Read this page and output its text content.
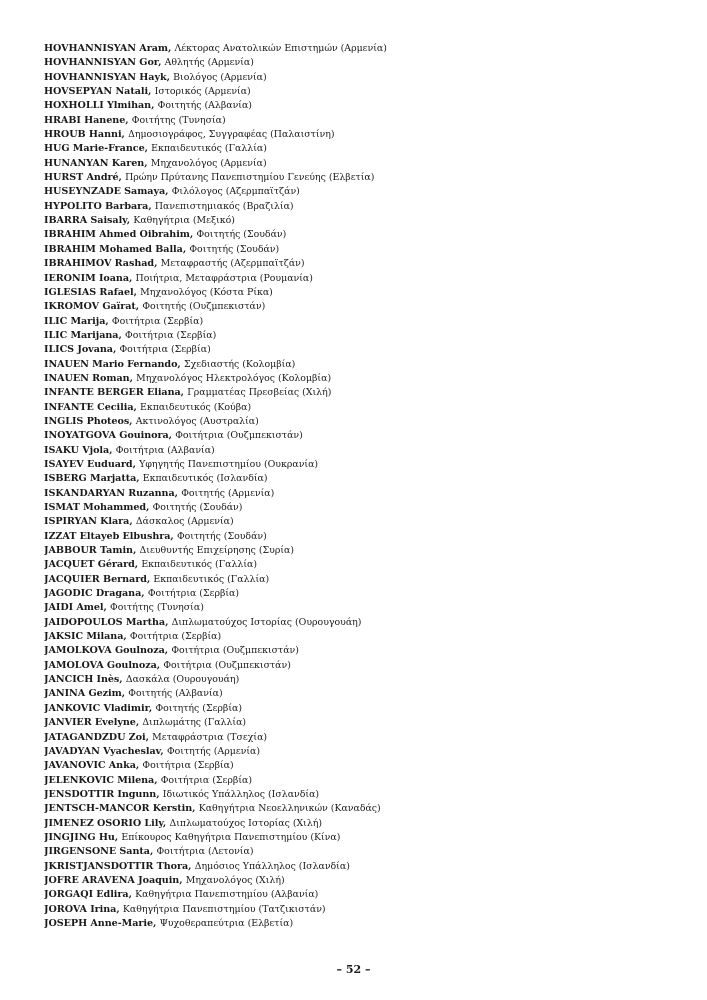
HOVHANNISYAN Aram, Λέκτορας Ανατολικών Επιστημών (Αρμενία)
HOVHANNISYAN Gor, Αθλητής (Αρμενία)
HOVHANNISYAN Hayk, Βιολόγος (Αρμενία)
HOVSEPYAN Natali, Ιστορικός (Αρμενία)
HOXHOLLI Ylmihan, Φοιτητής (Αλβανία)
HRABI Hanene, Φοιτήτης (Τυνησία)
HROUB Hanni, Δημοσιογράφος, Συγγραφέας (Παλαιστίνη)
HUG Marie-France, Εκπαιδευτικός (Γαλλία)
HUNANYAN Karen, Μηχανολόγος (Αρμενία)
HURST André, Πρώην Πρύτανης Πανεπιστημίου Γενεύης (Ελβετία)
HUSEYNZADE Samaya, Φιλόλογος (Αζερμπαϊτζάν)
HYPOLITO Barbara, Πανεπιστημιακός (Βραζιλία)
IBARRA Saisaly, Καθηγήτρια (Μεξικό)
IBRAHIM Ahmed Oibrahim, Φοιτητής (Σουδάν)
IBRAHIM Mohamed Balla, Φοιτητής (Σουδάν)
IBRAHIMOV Rashad, Μεταφραστής (Αζερμπαϊτζάν)
IERONIM Ioana, Ποιήτρια, Μεταφράστρια (Ρουμανία)
IGLESIAS Rafael, Μηχανολόγος (Κόστα Ρίκα)
IKROMOV Gaïrat, Φοιτητής (Ουζμπεκιστάν)
ILIC Marija, Φοιτήτρια (Σερβία)
ILIC Marijana, Φοιτήτρια (Σερβία)
ILICS Jovana, Φοιτήτρια (Σερβία)
INAUEN Mario Fernando, Σχεδιαστής (Κολομβία)
INAUEN Roman, Μηχανολόγος Ηλεκτρολόγος (Κολομβία)
INFANTE BERGER Eliana, Γραμματέας Πρεσβείας (Χιλή)
INFANTE Cecilia, Εκπαιδευτικός (Κούβα)
INGLIS Photeos, Ακτινολόγος (Αυστραλία)
INOYATGOVA Gouinora, Φοιτήτρια (Ουζμπεκιστάν)
ISAKU Vjola, Φοιτήτρια (Αλβανία)
ISAYEV Euduard, Υφηγητής Πανεπιστημίου (Ουκρανία)
ISBERG Marjatta, Εκπαιδευτικός (Ισλανδία)
ISKANDARYAN Ruzanna, Φοιτητής (Αρμενία)
ISMAT Mohammed, Φοιτητής (Σουδάν)
ISPIRYAN Klara, Δάσκαλος (Αρμενία)
IZZAT Eltayeb Elbushra, Φοιτητής (Σουδάν)
JABBOUR Tamin, Διευθυντής Επιχείρησης (Συρία)
JACQUET Gérard, Εκπαιδευτικός (Γαλλία)
JACQUIER Bernard, Εκπαιδευτικός (Γαλλία)
JAGODIC Dragana, Φοιτήτρια (Σερβία)
JAIDI Amel, Φοιτήτης (Τυνησία)
JAIDOPOULOS Martha, Διπλωματούχος Ιστορίας (Ουρουγουάη)
JAKSIC Milana, Φοιτήτρια (Σερβία)
JAMOLKOVA Goulnoza, Φοιτήτρια (Ουζμπεκιστάν)
JAMOLOVA Goulnoza, Φοιτήτρια (Ουζμπεκιστάν)
JANCICH Inès, Δασκάλα (Ουρουγουάη)
JANINA Gezim, Φοιτητής (Αλβανία)
JANKOVIC Vladimir, Φοιτητής (Σερβία)
JANVIER Evelyne, Διπλωμάτης (Γαλλία)
JATAGANDZDU Zoi, Μεταφράστρια (Τσεχία)
JAVADYAN Vyacheslav, Φοιτητής (Αρμενία)
JAVANOVIC Anka, Φοιτήτρια (Σερβία)
JELENKOVIC Milena, Φοιτήτρια (Σερβία)
JENSDOTTIR Ingunn, Ιδιωτικός Υπάλληλος (Ισλανδία)
JENTSCH-MANCOR Kerstin, Καθηγήτρια Νεοελληνικών (Καναδάς)
JIMENEZ OSORIO Lily, Διπλωματούχος Ιστορίας (Χιλή)
JINGJING Hu, Επίκουρος Καθηγήτρια Πανεπιστημίου (Κίνα)
JIRGENSONE Santa, Φοιτήτρια (Λετονία)
JKRISTJANSDOTTIR Thora, Δημόσιος Υπάλληλος (Ισλανδία)
JOFRE ARAVENA Joaquin, Μηχανολόγος (Χιλή)
JORGAQI Edlira, Καθηγήτρια Πανεπιστημίου (Αλβανία)
JOROVA Irina, Καθηγήτρια Πανεπιστημίου (Τατζικιστάν)
JOSEPH Anne-Marie, Ψυχοθεραπεύτρια (Ελβετία)
– 52 –
